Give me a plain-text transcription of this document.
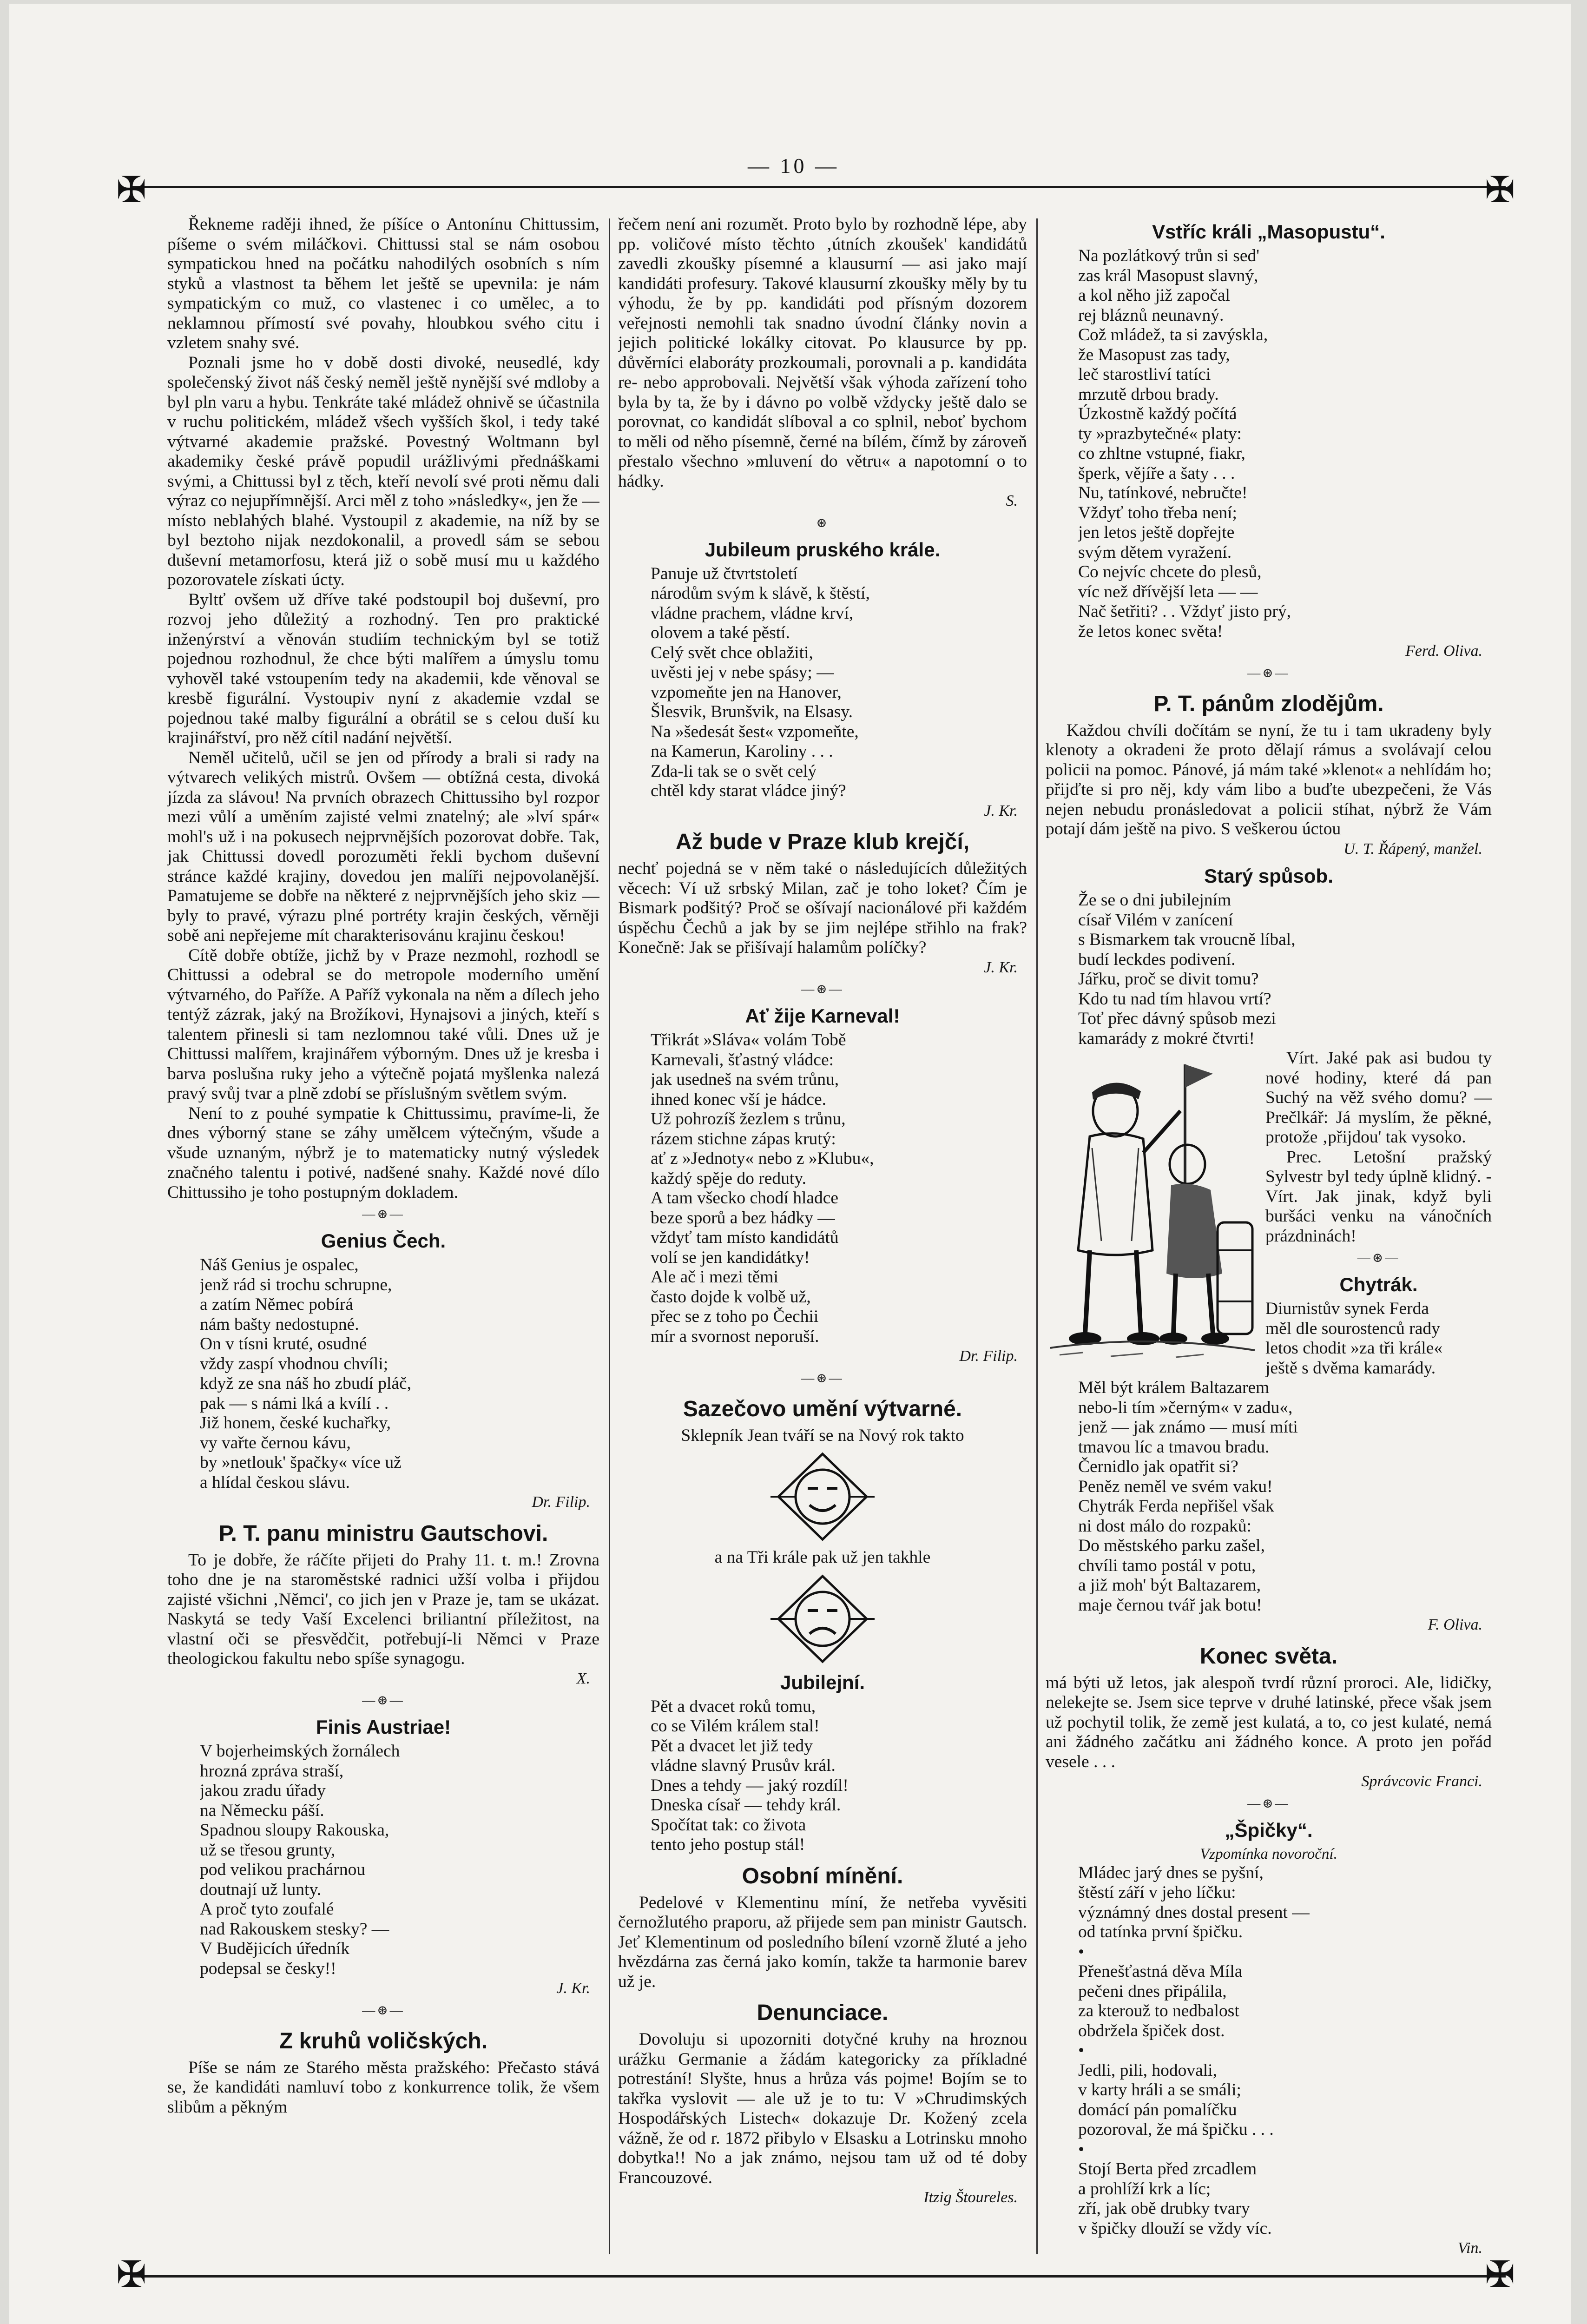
— 10 —
✠	✠
✠	✠

Řekneme raději ihned, že píšíce o Antonínu Chittussim, píšeme o svém miláčkovi. Chittussi stal se nám osobou sympatickou hned na počátku nahodilých osobních s ním styků a vlastnost ta během let ještě se upevnila: je nám sympatickým co muž, co vlastenec i co umělec, a to neklamnou přímostí své povahy, hloubkou svého citu i vzletem snahy své.

Poznali jsme ho v době dosti divoké, neusedlé, kdy společenský život náš český neměl ještě nynější své mdloby a byl pln varu a hybu. Tenkráte také mládež ohnivě se účastnila v ruchu politickém, mládež všech vyšších škol, i tedy také výtvarné akademie pražské. Povestný Woltmann byl akademiky české právě popudil urážlivými přednáškami svými, a Chittussi byl z těch, kteří nevolí své proti němu dali výraz co nejupřímnější. Arci měl z toho »následky«, jen že — místo neblahých blahé. Vystoupil z akademie, na níž by se byl beztoho nijak nezdokonalil, a provedl sám se sebou duševní metamorfosu, která již o sobě musí mu u každého pozorovatele získati úcty.

Byltť ovšem už dříve také podstoupil boj duševní, pro rozvoj jeho důležitý a rozhodný. Ten pro praktické inženýrství a věnován studiím technickým byl se totiž pojednou rozhodnul, že chce býti malířem a úmyslu tomu vyhověl také vstoupením tedy na akademii, kde věnoval se kresbě figurální. Vystoupiv nyní z akademie vzdal se pojednou také malby figurální a obrátil se s celou duší ku krajinářství, pro něž cítil nadání největší.

Neměl učitelů, učil se jen od přírody a brali si rady na výtvarech velikých mistrů. Ovšem — obtížná cesta, divoká jízda za slávou! Na prvních obrazech Chittussiho byl rozpor mezi vůlí a uměním zajisté velmi znatelný; ale »lví spár« mohl's už i na pokusech nejprvnějších pozorovat dobře. Tak, jak Chittussi dovedl porozuměti řekli bychom duševní stránce každé krajiny, dovedou jen malíři nejpovolanější. Pamatujeme se dobře na některé z nejprvnějších jeho skiz — byly to pravé, výrazu plné portréty krajin českých, věrněji sobě ani nepřejeme mít charakterisovánu krajinu českou!

Cítě dobře obtíže, jichž by v Praze nezmohl, rozhodl se Chittussi a odebral se do metropole moderního umění výtvarného, do Paříže. A Paříž vykonala na něm a dílech jeho tentýž zázrak, jaký na Brožíkovi, Hynajsovi a jiných, kteří s talentem přinesli si tam nezlomnou také vůli. Dnes už je Chittussi malířem, krajinářem výborným. Dnes už je kresba i barva poslušna ruky jeho a výtečně pojatá myšlenka nalezá pravý svůj tvar a plně zdobí se příslušným světlem svým.

Není to z pouhé sympatie k Chittussimu, pravíme-li, že dnes výborný stane se záhy umělcem výtečným, všude a všude uznaným, nýbrž je to matematicky nutný výsledek značného talentu i potivé, nadšené snahy. Každé nové dílo Chittussiho je toho postupným dokladem.

—⊛—
Genius Čech.
Náš Genius je ospalec,
jenž rád si trochu schrupne,
a zatím Němec pobírá
nám bašty nedostupné.
On v tísni kruté, osudné
vždy zaspí vhodnou chvíli;
když ze sna náš ho zbudí pláč,
pak — s námi lká a kvílí . .
Již honem, české kuchařky,
vy vařte černou kávu,
by »netlouk' špačky« více už
a hlídal českou slávu.
Dr. Filip.
P. T. panu ministru Gautschovi.

To je dobře, že ráčíte přijeti do Prahy 11. t. m.! Zrovna toho dne je na staroměstské radnici užší volba i přijdou zajisté všichni ‚Němci', co jich jen v Praze je, tam se ukázat. Naskytá se tedy Vaší Excelenci briliantní příležitost, na vlastní oči se přesvědčit, potřebují-li Němci v Praze theologickou fakultu nebo spíše synagogu.

X.
—⊛—
Finis Austriae!
V bojerheimských žornálech
hrozná zpráva straší,
jakou zradu úřady
na Německu páší.
Spadnou sloupy Rakouska,
už se třesou grunty,
pod velikou prachárnou
doutnají už lunty.
A proč tyto zoufalé
nad Rakouskem stesky? —
V Budějicích úředník
podepsal se česky!!
J. Kr.
—⊛—
Z kruhů voličských.

Píše se nám ze Starého města pražského: Přečasto stává se, že kandidáti namluví tobo z konkurrence tolik, že všem slibům a pěkným

řečem není ani rozumět. Proto bylo by rozhodně lépe, aby pp. voličové místo těchto ‚útních zkoušek' kandidátů zavedli zkoušky písemné a klausurní — asi jako mají kandidáti profesury. Takové klausurní zkoušky měly by tu výhodu, že by pp. kandidáti pod přísným dozorem veřejnosti nemohli tak snadno úvodní články novin a jejich politické lokálky citovat. Po klausurce by pp. důvěrníci elaboráty prozkoumali, porovnali a p. kandidáta re- nebo approbovali. Největší však výhoda zařízení toho byla by ta, že by i dávno po volbě vždycky ještě dalo se porovnat, co kandidát slíboval a co splnil, neboť bychom to měli od něho písemně, černé na bílém, čímž by zároveň přestalo všechno »mluvení do větru« a napotomní o to hádky.

S.
⊛
Jubileum pruského krále.
Panuje už čtvrtstoletí
národům svým k slávě, k štěstí,
vládne prachem, vládne krví,
olovem a také pěstí.
Celý svět chce oblažiti,
uvěsti jej v nebe spásy; —
vzpomeňte jen na Hanover,
Šlesvik, Brunšvik, na Elsasy.
Na »šedesát šest« vzpomeňte,
na Kamerun, Karoliny . . .
Zda-li tak se o svět celý
chtěl kdy starat vládce jiný?
J. Kr.
Až bude v Praze klub krejčí,

nechť pojedná se v něm také o následujících důležitých věcech: Ví už srbský Milan, zač je toho loket? Čím je Bismark podšitý? Proč se ošívají nacionálové při každém úspěchu Čechů a jak by se jim nejlépe střihlo na frak? Konečně: Jak se přišívají halamům políčky?

J. Kr.
—⊛—
Ať žije Karneval!
Třikrát »Sláva« volám Tobě
Karnevali, šťastný vládce:
jak usedneš na svém trůnu,
ihned konec vší je hádce.
Už pohrozíš žezlem s trůnu,
rázem stichne zápas krutý:
ať z »Jednoty« nebo z »Klubu«,
každý spěje do reduty.
A tam všecko chodí hladce
beze sporů a bez hádky —
vždyť tam místo kandidátů
volí se jen kandidátky!
Ale ač i mezi těmi
často dojde k volbě už,
přec se z toho po Čechii
mír a svornost neporuší.
Dr. Filip.
—⊛—
Sazečovo umění výtvarné.
Sklepník Jean tváří se na Nový rok takto
a na Tři krále pak už jen takhle
Jubilejní.
Pět a dvacet roků tomu,
co se Vilém králem stal!
Pět a dvacet let již tedy
vládne slavný Prusův král.
Dnes a tehdy — jaký rozdíl!
Dneska císař — tehdy král.
Spočítat tak: co života
tento jeho postup stál!
Osobní mínění.

Pedelové v Klementinu míní, že netřeba vyvěsiti černožlutého praporu, až přijede sem pan ministr Gautsch. Jeť Klementinum od posledního bílení vzorně žluté a jeho hvězdárna zas černá jako komín, takže ta harmonie barev už je.

Denunciace.

Dovoluju si upozorniti dotyčné kruhy na hroznou urážku Germanie a žádám kategoricky za příkladné potrestání! Slyšte, hnus a hrůza vás pojme! Bojím se to takřka vyslovit — ale už je to tu: V »Chrudimských Hospodářských Listech« dokazuje Dr. Kožený zcela vážně, že od r. 1872 přibylo v Elsasku a Lotrinsku mnoho dobytka!! No a jak známo, nejsou tam už od té doby Francouzové.

Itzig Štoureles.
Vstříc králi „Masopustu“.
Na pozlátkový trůn si sed'
zas král Masopust slavný,
a kol něho již započal
rej bláznů neunavný.
Což mládež, ta si zavýskla,
že Masopust zas tady,
leč starostliví tatíci
mrzutě drbou brady.
Úzkostně každý počítá
ty »prazbytečné« platy:
co zhltne vstupné, fiakr,
šperk, vějíře a šaty . . .
Nu, tatínkové, nebručte!
Vždyť toho třeba není;
jen letos ještě dopřejte
svým dětem vyražení.
Co nejvíc chcete do plesů,
víc než dřívější leta — —
Nač šetřiti? . . Vždyť jisto prý,
že letos konec světa!
Ferd. Oliva.
—⊛—
P. T. pánům zlodějům.

Každou chvíli dočítám se nyní, že tu i tam ukradeny byly klenoty a okradeni že proto dělají rámus a svolávají celou policii na pomoc. Pánové, já mám také »klenot« a nehlídám ho; přijďte si pro něj, kdy vám libo a buďte ubezpečeni, že Vás nejen nebudu pronásledovat a policii stíhat, nýbrž že Vám potají dám ještě na pivo. S veškerou úctou

U. T. Řápený, manžel.
Starý spůsob.
Že se o dni jubilejním
císař Vilém v zanícení
s Bismarkem tak vroucně líbal,
budí leckdes podivení.
Jářku, proč se divit tomu?
Kdo tu nad tím hlavou vrtí?
Toť přec dávný spůsob mezi
kamarády z mokré čtvrti!

Vírt. Jaké pak asi budou ty nové hodiny, které dá pan Suchý na věž svého domu? — Prečlkář: Já myslím, že pěkné, protože ‚přijdou' tak vysoko.

Prec. Letošní pražský Sylvestr byl tedy úplně klidný. - Vírt. Jak jinak, když byli buršáci venku na vánočních prázdninách!

—⊛—
Chytrák.
Diurnistův synek Ferda
měl dle sourostenců rady
letos chodit »za tři krále«
ještě s dvěma kamarády.
Měl být králem Baltazarem
nebo-li tím »černým« v zadu«,
jenž — jak známo — musí míti
tmavou líc a tmavou bradu.
Černidlo jak opatřit si?
Peněz neměl ve svém vaku!
Chytrák Ferda nepřišel však
ni dost málo do rozpaků:
Do městského parku zašel,
chvíli tamo postál v potu,
a již moh' být Baltazarem,
maje černou tvář jak botu!
F. Oliva.
Konec světa.

má býti už letos, jak alespoň tvrdí různí proroci. Ale, lidičky, nelekejte se. Jsem sice teprve v druhé latinské, přece však jsem už pochytil tolik, že země jest kulatá, a to, co jest kulaté, nemá ani žádného začátku ani žádného konce. A proto jen pořád vesele . . .

Správcovic Franci.
—⊛—
„Špičky“.
Vzpomínka novoroční.
Mládec jarý dnes se pyšní,
štěstí září v jeho líčku:
význámný dnes dostal present —
od tatínka první špičku.
•
Přenešťastná děva Míla
pečeni dnes připálila,
za kterouž to nedbalost
obdržela špiček dost.
•
Jedli, pili, hodovali,
v karty hráli a se smáli;
domácí pán pomalíčku
pozoroval, že má špičku . . .
•
Stojí Berta před zrcadlem
a prohlíží krk a líc;
zří, jak obě drubky tvary
v špičky dlouží se vždy víc.
Vin.
